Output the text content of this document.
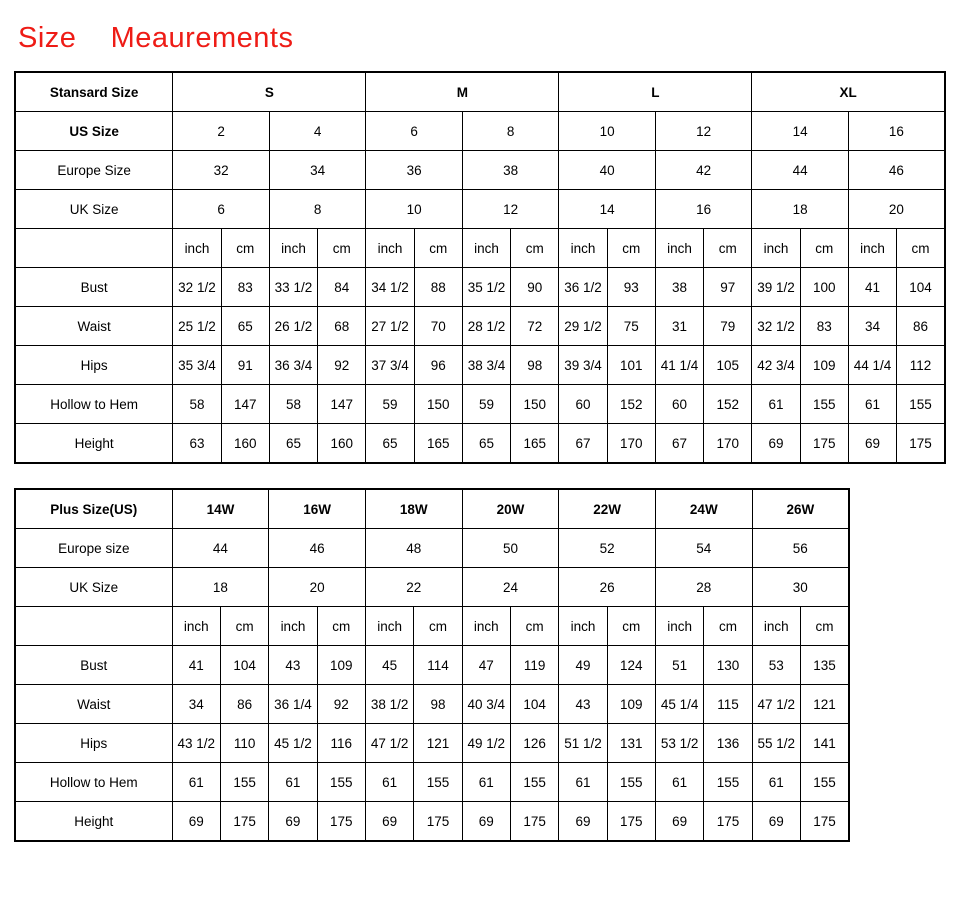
Size    Meaurements
Stansard Size	S				M				L				XL			
US Size	2		4		6		8		10		12		14		16	
Europe Size	32		34		36		38		40		42		44		46	
UK Size	6		8		10		12		14		16		18		20	
	inch	cm	inch	cm	inch	cm	inch	cm	inch	cm	inch	cm	inch	cm	inch	cm
Bust	32 1/2	83	33 1/2	84	34 1/2	88	35 1/2	90	36 1/2	93	38	97	39 1/2	100	41	104
Waist	25 1/2	65	26 1/2	68	27 1/2	70	28 1/2	72	29 1/2	75	31	79	32 1/2	83	34	86
Hips	35 3/4	91	36 3/4	92	37 3/4	96	38 3/4	98	39 3/4	101	41 1/4	105	42 3/4	109	44 1/4	112
Hollow to Hem	58	147	58	147	59	150	59	150	60	152	60	152	61	155	61	155
Height	63	160	65	160	65	165	65	165	67	170	67	170	69	175	69	175
Plus Size(US)	14W		16W		18W		20W		22W		24W		26W	
Europe size	44		46		48		50		52		54		56	
UK Size	18		20		22		24		26		28		30	
	inch	cm	inch	cm	inch	cm	inch	cm	inch	cm	inch	cm	inch	cm
Bust	41	104	43	109	45	114	47	119	49	124	51	130	53	135
Waist	34	86	36 1/4	92	38 1/2	98	40 3/4	104	43	109	45 1/4	115	47 1/2	121
Hips	43 1/2	110	45 1/2	116	47 1/2	121	49 1/2	126	51 1/2	131	53 1/2	136	55 1/2	141
Hollow to Hem	61	155	61	155	61	155	61	155	61	155	61	155	61	155
Height	69	175	69	175	69	175	69	175	69	175	69	175	69	175
